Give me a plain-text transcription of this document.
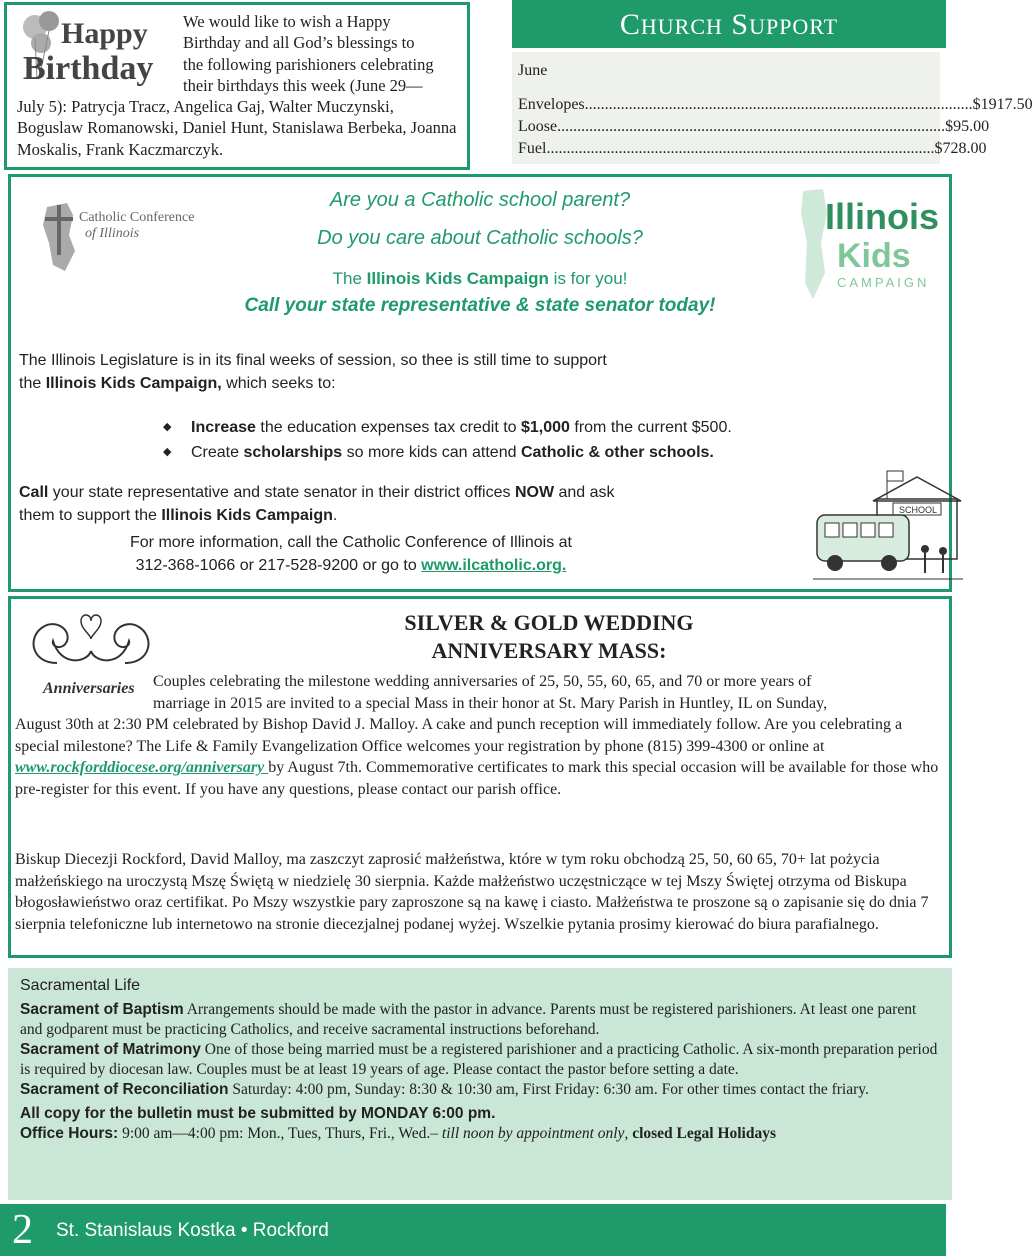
Happy
Birthday

We would like to wish a Happy
Birthday and all God’s blessings to
the following parishioners celebrating
their birthdays this week (June 29—
July 5): Patrycja Tracz, Angelica Gaj, Walter Muczynski, Boguslaw Romanowski, Daniel Hunt, Stanislawa Berbeka, Joanna Moskalis, Frank Kaczmarczyk.

CHURCH SUPPORT
June
Envelopes ................................................................................................. $1917.50
Loose ................................................................................................. $95.00
Fuel ................................................................................................. $728.00
Catholic Conference
of Illinois	Illinois
Kids
CAMPAIGN
Are you a Catholic school parent?
Do you care about Catholic schools?
The Illinois Kids Campaign is for you!
Call your state representative & state senator today!
The Illinois Legislature is in its final weeks of session, so thee is still time to support
the Illinois Kids Campaign, which seeks to:
◆	Increase the education expenses tax credit to $1,000 from the current $500.
◆	Create scholarships so more kids can attend Catholic & other schools.
Call your state representative and state senator in their district offices NOW and ask
them to support the Illinois Kids Campaign.
For more information, call the Catholic Conference of Illinois at
312-368-1066 or 217-528-9200 or go to www.ilcatholic.org.
SCHOOL
Anniversaries
SILVER & GOLD WEDDING
ANNIVERSARY MASS:
Couples celebrating the milestone wedding anniversaries of 25, 50, 55, 60, 65, and 70 or more years of
marriage in 2015 are invited to a special Mass in their honor at St. Mary Parish in Huntley, IL on Sunday,
August 30th at 2:30 PM celebrated by Bishop David J. Malloy. A cake and punch reception will immediately follow. Are you celebrating a special milestone? The Life & Family Evangelization Office welcomes your registration by phone (815) 399-4300 or online at www.rockforddiocese.org/anniversary by August 7th. Commemorative certificates to mark this special occasion will be available for those who pre-register for this event. If you have any questions, please contact our parish office.
Biskup Diecezji Rockford, David Malloy, ma zaszczyt zaprosić małżeństwa, które w tym roku obchodzą 25, 50, 60 65, 70+ lat pożycia małżeńskiego na uroczystą Mszę Świętą w niedzielę 30 sierpnia. Każde małżeństwo uczęstniczące w tej Mszy Świętej otrzyma od Biskupa błogosławieństwo oraz certifikat. Po Mszy wszystkie pary zaproszone są na kawę i ciasto. Małżeństwa te proszone są o zapisanie się do dnia 7 sierpnia telefoniczne lub internetowo na stronie diecezjalnej podanej wyżej. Wszelkie pytania prosimy kierować do biura parafialnego.
Sacramental Life
Sacrament of Baptism Arrangements should be made with the pastor in advance. Parents must be registered parishioners. At least one parent and godparent must be practicing Catholics, and receive sacramental instructions beforehand.
Sacrament of Matrimony One of those being married must be a registered parishioner and a practicing Catholic. A six-month preparation period is required by diocesan law. Couples must be at least 19 years of age. Please contact the pastor before setting a date.
Sacrament of Reconciliation Saturday: 4:00 pm, Sunday: 8:30 & 10:30 am, First Friday: 6:30 am. For other times contact the friary.
All copy for the bulletin must be submitted by MONDAY 6:00 pm.
Office Hours: 9:00 am—4:00 pm: Mon., Tues, Thurs, Fri., Wed.– till noon by appointment only, closed Legal Holidays
2 St. Stanislaus Kostka • Rockford
